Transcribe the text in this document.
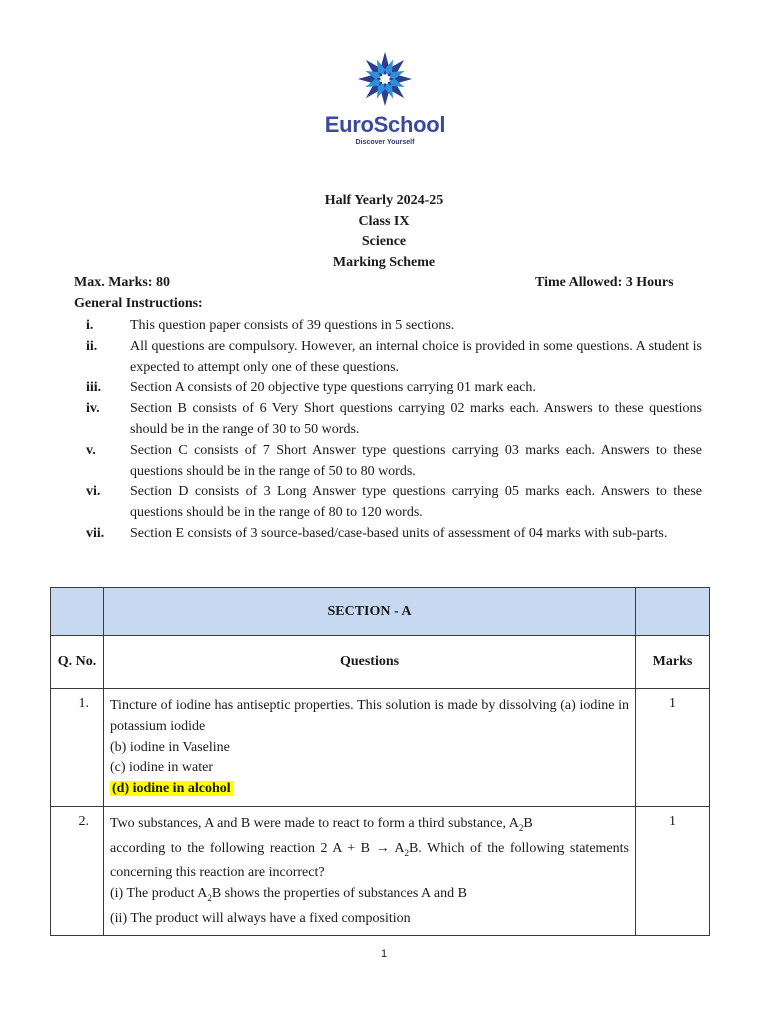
EuroSchool
Discover Yourself
Half Yearly 2024-25
Class IX
Science
Marking Scheme
Max. Marks: 80	Time Allowed: 3 Hours
General Instructions:
i.	This question paper consists of 39 questions in 5 sections.
ii.	All questions are compulsory. However, an internal choice is provided in some questions. A student is expected to attempt only one of these questions.
iii.	Section A consists of 20 objective type questions carrying 01 mark each.
iv.	Section B consists of 6 Very Short questions carrying 02 marks each. Answers to these questions should be in the range of 30 to 50 words.
v.	Section C consists of 7 Short Answer type questions carrying 03 marks each. Answers to these questions should be in the range of 50 to 80 words.
vi.	Section D consists of 3 Long Answer type questions carrying 05 marks each. Answers to these questions should be in the range of 80 to 120 words.
vii.	Section E consists of 3 source-based/case-based units of assessment of 04 marks with sub-parts.
	SECTION - A	
Q. No.	Questions	Marks
1.	Tincture of iodine has antiseptic properties. This solution is made by dissolving (a) iodine in potassium iodide
(b) iodine in Vaseline
(c) iodine in water
(d) iodine in alcohol	1
2.	Two substances, A and B were made to react to form a third substance, $A_2B$
according to the following reaction 2 $A + B \to A_2B$. Which of the following statements concerning this reaction are incorrect?
(i) The product $A_2B$ shows the properties of substances A and B
(ii) The product will always have a fixed composition	1
1
